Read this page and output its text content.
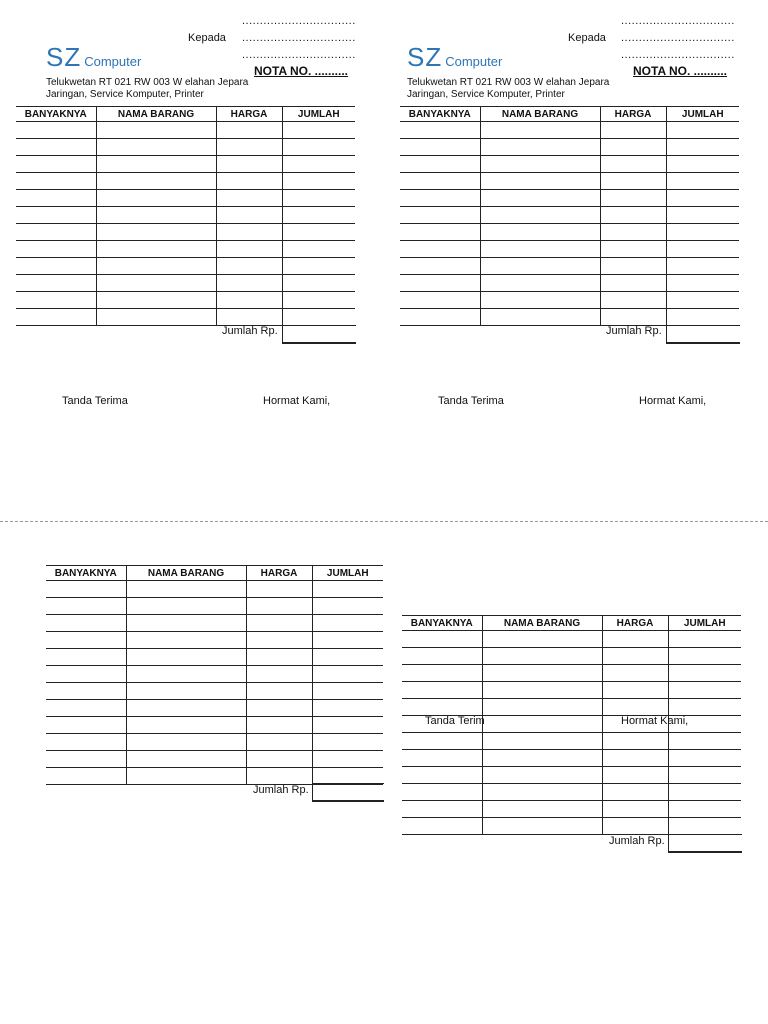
................................
Kepada ................................
................................
NOTA NO. ..........
SZ Computer
Telukwetan RT 021 RW 003 W elahan Jepara
Jaringan, Service Komputer, Printer
BANYAKNYA	NAMA BARANG	HARGA	JUMLAH

Jumlah Rp.
Tanda Terima	Hormat Kami,
................................
Kepada ................................
................................
NOTA NO. ..........
SZ Computer
Telukwetan RT 021 RW 003 W elahan Jepara
Jaringan, Service Komputer, Printer
BANYAKNYA	NAMA BARANG	HARGA	JUMLAH

Jumlah Rp.
Tanda Terima	Hormat Kami,
BANYAKNYA	NAMA BARANG	HARGA	JUMLAH

Jumlah Rp.
BANYAKNYA	NAMA BARANG	HARGA	JUMLAH

Tanda Terim	Hormat Kami,
Jumlah Rp.
